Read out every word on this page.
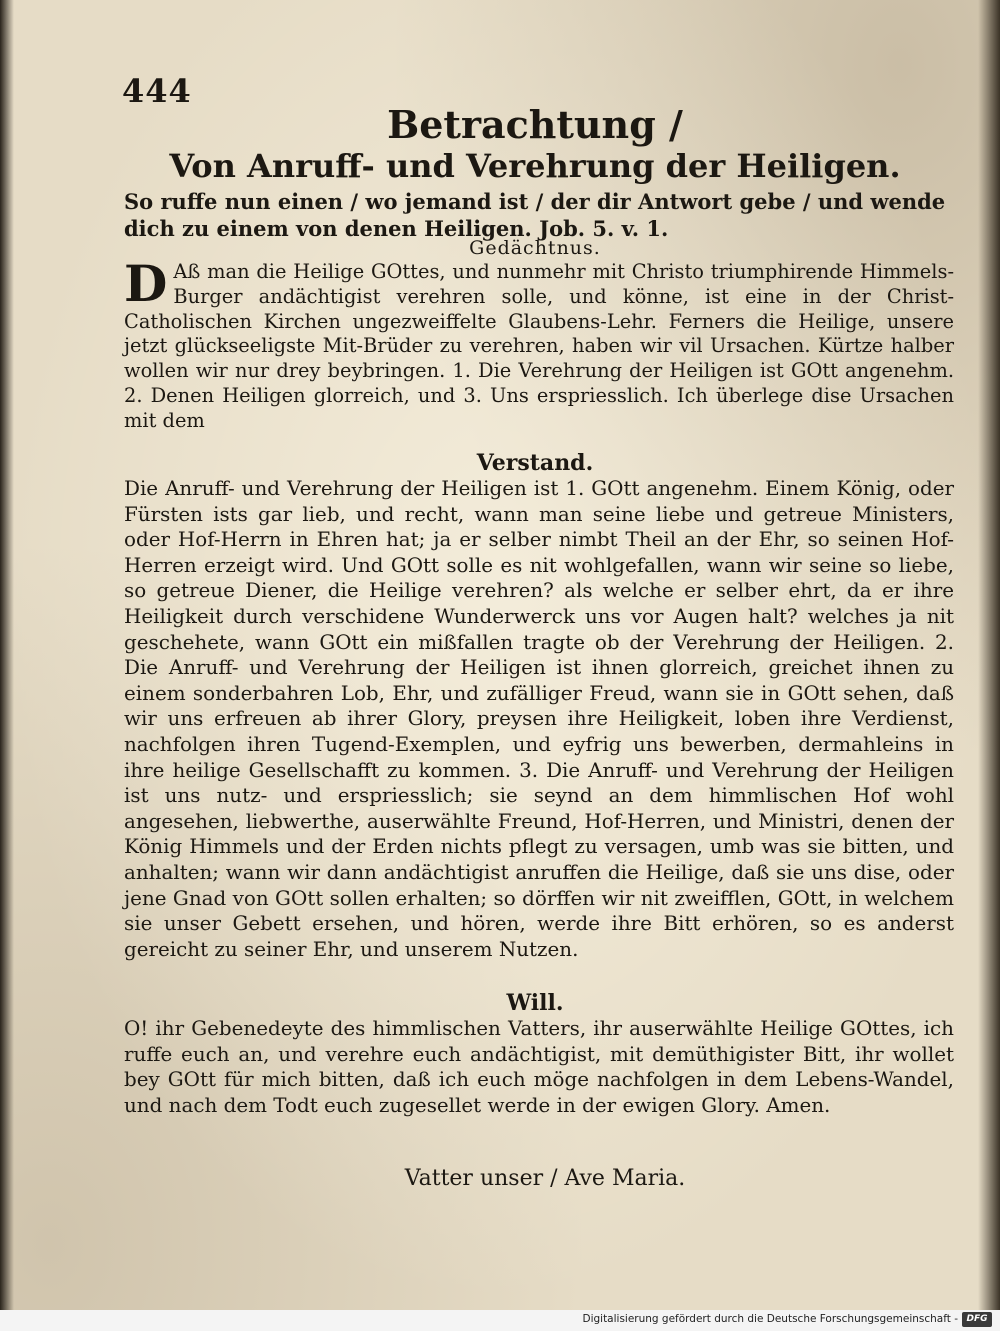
444
Betrachtung /
Von Anruff- und Verehrung der Heiligen.
So ruffe nun einen / wo jemand ist / der dir Antwort gebe / und wende dich zu einem von denen Heiligen. Job. 5. v. 1.
Gedächtnus.
D Aß man die Heilige GOttes, und nunmehr mit Christo triumphirende Himmels-Burger andächtigist verehren solle, und könne, ist eine in der Christ-Catholischen Kirchen ungezweiffelte Glaubens-Lehr. Ferners die Heilige, unsere jetzt glückseeligste Mit-Brüder zu verehren, haben wir vil Ursachen. Kürtze halber wollen wir nur drey beybringen. 1. Die Verehrung der Heiligen ist GOtt angenehm. 2. Denen Heiligen glorreich, und 3. Uns erspriesslich. Ich überlege dise Ursachen mit dem
Verstand.
Die Anruff- und Verehrung der Heiligen ist 1. GOtt angenehm. Einem König, oder Fürsten ists gar lieb, und recht, wann man seine liebe und getreue Ministers, oder Hof-Herrn in Ehren hat; ja er selber nimbt Theil an der Ehr, so seinen Hof-Herren erzeigt wird. Und GOtt solle es nit wohlgefallen, wann wir seine so liebe, so getreue Diener, die Heilige verehren? als welche er selber ehrt, da er ihre Heiligkeit durch verschidene Wunderwerck uns vor Augen halt? welches ja nit geschehete, wann GOtt ein mißfallen tragte ob der Verehrung der Heiligen. 2. Die Anruff- und Verehrung der Heiligen ist ihnen glorreich, greichet ihnen zu einem sonderbahren Lob, Ehr, und zufälliger Freud, wann sie in GOtt sehen, daß wir uns erfreuen ab ihrer Glory, preysen ihre Heiligkeit, loben ihre Verdienst, nachfolgen ihren Tugend-Exemplen, und eyfrig uns bewerben, dermahleins in ihre heilige Gesellschafft zu kommen. 3. Die Anruff- und Verehrung der Heiligen ist uns nutz- und erspriesslich; sie seynd an dem himmlischen Hof wohl angesehen, liebwerthe, auserwählte Freund, Hof-Herren, und Ministri, denen der König Himmels und der Erden nichts pflegt zu versagen, umb was sie bitten, und anhalten; wann wir dann andächtigist anruffen die Heilige, daß sie uns dise, oder jene Gnad von GOtt sollen erhalten; so dörffen wir nit zweifflen, GOtt, in welchem sie unser Gebett ersehen, und hören, werde ihre Bitt erhören, so es anderst gereicht zu seiner Ehr, und unserem Nutzen.
Will.
O! ihr Gebenedeyte des himmlischen Vatters, ihr auserwählte Heilige GOttes, ich ruffe euch an, und verehre euch andächtigist, mit demüthigister Bitt, ihr wollet bey GOtt für mich bitten, daß ich euch möge nachfolgen in dem Lebens-Wandel, und nach dem Todt euch zugesellet werde in der ewigen Glory. Amen.
Vatter unser / Ave Maria.
Digitalisierung gefördert durch die Deutsche Forschungsgemeinschaft - DFG
